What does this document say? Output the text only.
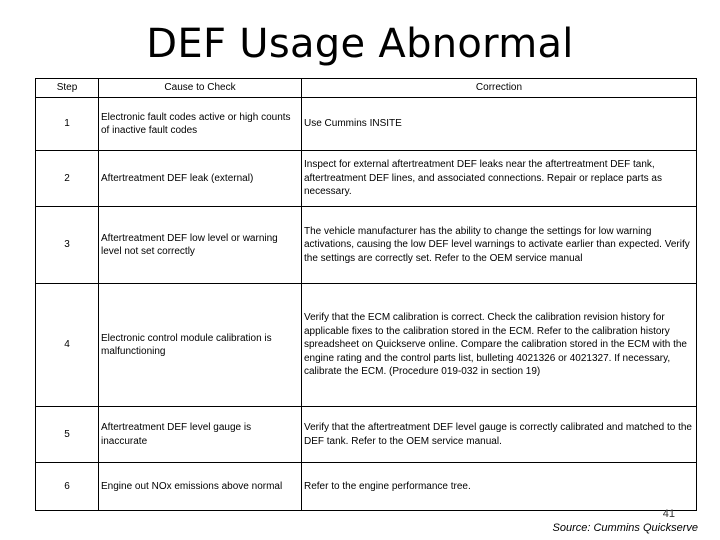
DEF Usage Abnormal
Step	Cause to Check	Correction
1	Electronic fault codes active or high counts of inactive fault codes	Use Cummins INSITE
2	Aftertreatment DEF leak (external)	Inspect for external aftertreatment DEF leaks near the aftertreatment DEF tank, aftertreatment DEF lines, and associated connections. Repair or replace parts as necessary.
3	Aftertreatment DEF low level or warning level not set correctly	The vehicle manufacturer has the ability to change the settings for low warning activations, causing the low DEF level warnings to activate earlier than expected. Verify the settings are correctly set. Refer to the OEM service manual
4	Electronic control module calibration is malfunctioning	Verify that the ECM calibration is correct. Check the calibration revision history for applicable fixes to the calibration stored in the ECM. Refer to the calibration history spreadsheet on Quickserve online. Compare the calibration stored in the ECM with the engine rating and the control parts list, bulleting 4021326 or 4021327. If necessary, calibrate the ECM. (Procedure 019-032 in section 19)
5	Aftertreatment DEF level gauge is inaccurate	Verify that the aftertreatment DEF level gauge is correctly calibrated and matched to the DEF tank. Refer to the OEM service manual.
6	Engine out NOx emissions above normal	Refer to the engine performance tree.
41
Source: Cummins Quickserve
